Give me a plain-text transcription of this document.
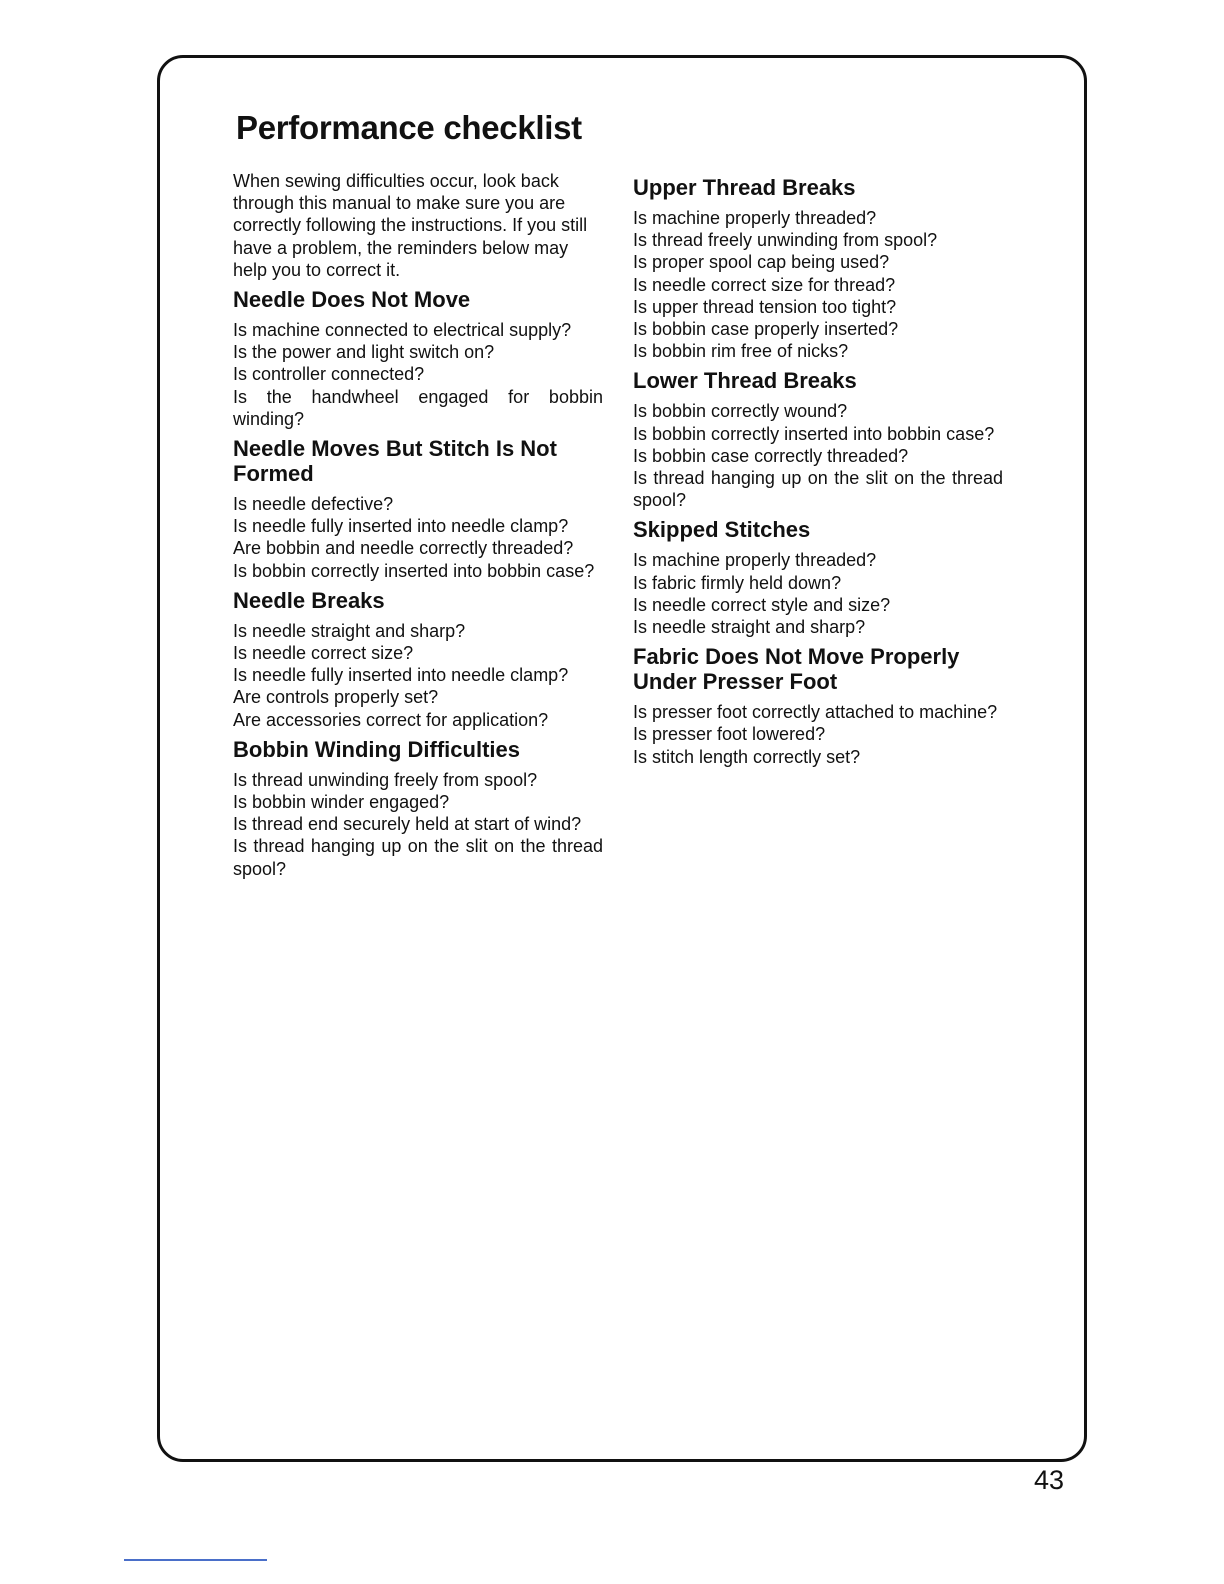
Performance checklist

When sewing difficulties occur, look back through this manual to make sure you are correctly following the instructions. If you still have a problem, the reminders below may help you to correct it.

Needle Does Not Move
Is machine connected to electrical supply?
Is the power and light switch on?
Is controller connected?
Is the handwheel engaged for bobbin winding?
Needle Moves But Stitch Is Not Formed
Is needle defective?
Is needle fully inserted into needle clamp?
Are bobbin and needle correctly threaded?
Is bobbin correctly inserted into bobbin case?
Needle Breaks
Is needle straight and sharp?
Is needle correct size?
Is needle fully inserted into needle clamp?
Are controls properly set?
Are accessories correct for application?
Bobbin Winding Difficulties
Is thread unwinding freely from spool?
Is bobbin winder engaged?
Is thread end securely held at start of wind?
Is thread hanging up on the slit on the thread spool?
Upper Thread Breaks
Is machine properly threaded?
Is thread freely unwinding from spool?
Is proper spool cap being used?
Is needle correct size for thread?
Is upper thread tension too tight?
Is bobbin case properly inserted?
Is bobbin rim free of nicks?
Lower Thread Breaks
Is bobbin correctly wound?
Is bobbin correctly inserted into bobbin case?
Is bobbin case correctly threaded?
Is thread hanging up on the slit on the thread spool?
Skipped Stitches
Is machine properly threaded?
Is fabric firmly held down?
Is needle correct style and size?
Is needle straight and sharp?
Fabric Does Not Move Properly Under Presser Foot
Is presser foot correctly attached to machine?
Is presser foot lowered?
Is stitch length correctly set?
43
